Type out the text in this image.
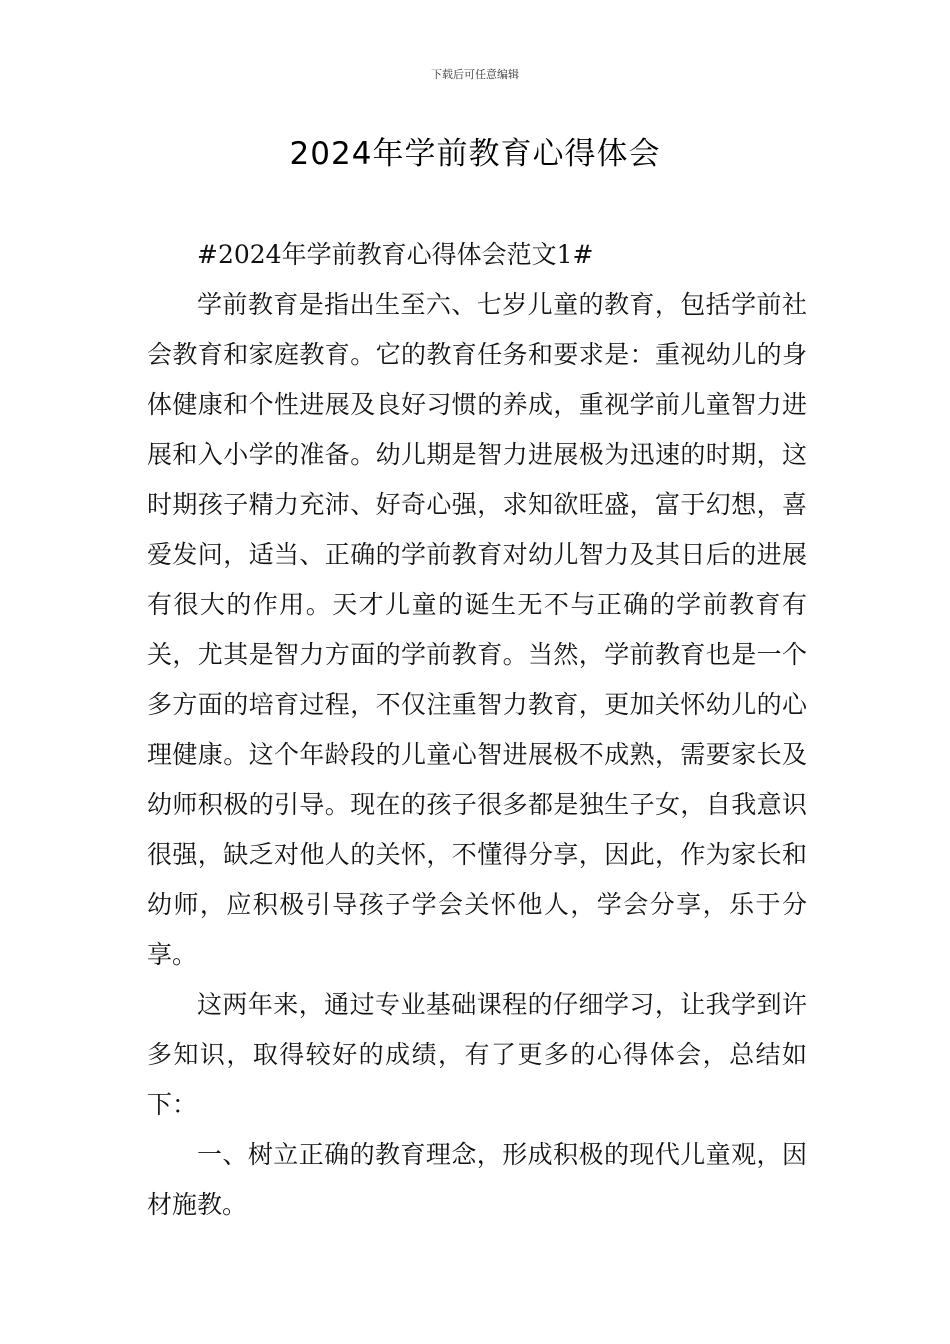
下载后可任意编辑
2024年学前教育心得体会

#2024年学前教育心得体会范文1#

学前教育是指出生至六、七岁儿童的教育，包括学前社会教育和家庭教育。它的教育任务和要求是：重视幼儿的身体健康和个性进展及良好习惯的养成，重视学前儿童智力进展和入小学的准备。幼儿期是智力进展极为迅速的时期，这时期孩子精力充沛、好奇心强，求知欲旺盛，富于幻想，喜爱发问，适当、正确的学前教育对幼儿智力及其日后的进展有很大的作用。天才儿童的诞生无不与正确的学前教育有关，尤其是智力方面的学前教育。当然，学前教育也是一个多方面的培育过程，不仅注重智力教育，更加关怀幼儿的心理健康。这个年龄段的儿童心智进展极不成熟，需要家长及幼师积极的引导。现在的孩子很多都是独生子女，自我意识很强，缺乏对他人的关怀，不懂得分享，因此，作为家长和幼师，应积极引导孩子学会关怀他人，学会分享，乐于分享。

这两年来，通过专业基础课程的仔细学习，让我学到许多知识，取得较好的成绩，有了更多的心得体会，总结如下：

一、树立正确的教育理念，形成积极的现代儿童观，因材施教。
